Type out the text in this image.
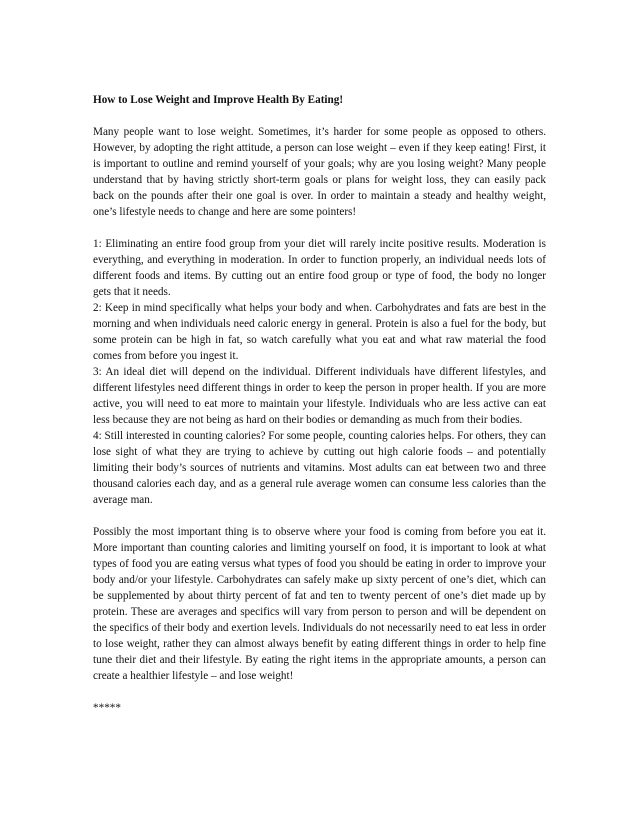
How to Lose Weight and Improve Health By Eating!

Many people want to lose weight. Sometimes, it’s harder for some people as opposed to others. However, by adopting the right attitude, a person can lose weight – even if they keep eating! First, it is important to outline and remind yourself of your goals; why are you losing weight? Many people understand that by having strictly short-term goals or plans for weight loss, they can easily pack back on the pounds after their one goal is over. In order to maintain a steady and healthy weight, one’s lifestyle needs to change and here are some pointers!

1: Eliminating an entire food group from your diet will rarely incite positive results. Moderation is everything, and everything in moderation. In order to function properly, an individual needs lots of different foods and items. By cutting out an entire food group or type of food, the body no longer gets that it needs.

2: Keep in mind specifically what helps your body and when. Carbohydrates and fats are best in the morning and when individuals need caloric energy in general. Protein is also a fuel for the body, but some protein can be high in fat, so watch carefully what you eat and what raw material the food comes from before you ingest it.

3: An ideal diet will depend on the individual. Different individuals have different lifestyles, and different lifestyles need different things in order to keep the person in proper health. If you are more active, you will need to eat more to maintain your lifestyle. Individuals who are less active can eat less because they are not being as hard on their bodies or demanding as much from their bodies.

4: Still interested in counting calories? For some people, counting calories helps. For others, they can lose sight of what they are trying to achieve by cutting out high calorie foods – and potentially limiting their body’s sources of nutrients and vitamins. Most adults can eat between two and three thousand calories each day, and as a general rule average women can consume less calories than the average man.

Possibly the most important thing is to observe where your food is coming from before you eat it. More important than counting calories and limiting yourself on food, it is important to look at what types of food you are eating versus what types of food you should be eating in order to improve your body and/or your lifestyle. Carbohydrates can safely make up sixty percent of one’s diet, which can be supplemented by about thirty percent of fat and ten to twenty percent of one’s diet made up by protein. These are averages and specifics will vary from person to person and will be dependent on the specifics of their body and exertion levels. Individuals do not necessarily need to eat less in order to lose weight, rather they can almost always benefit by eating different things in order to help fine tune their diet and their lifestyle. By eating the right items in the appropriate amounts, a person can create a healthier lifestyle – and lose weight!

*****
